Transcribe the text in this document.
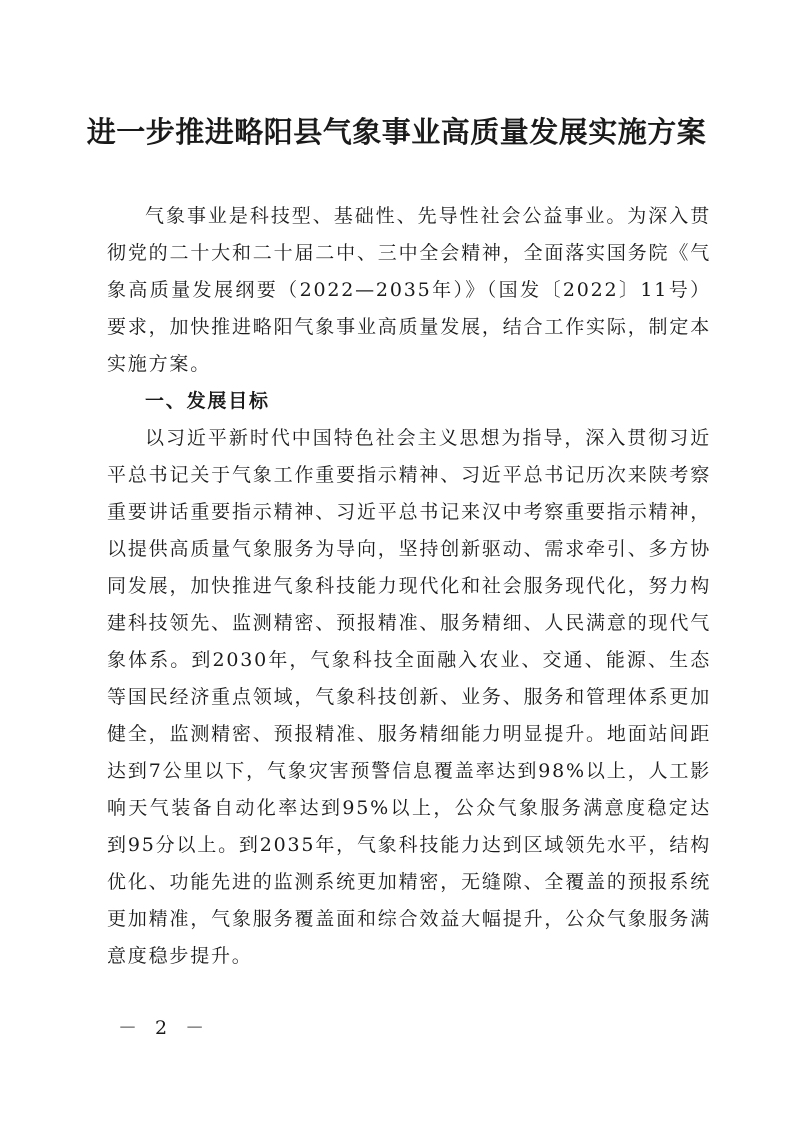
进一步推进略阳县气象事业高质量发展实施方案

气象事业是科技型、基础性、先导性社会公益事业。为深入贯彻党的二十大和二十届二中、三中全会精神，全面落实国务院《气象高质量发展纲要（2022—2035年）》（国发〔2022〕11号）要求，加快推进略阳气象事业高质量发展，结合工作实际，制定本实施方案。

一、发展目标

以习近平新时代中国特色社会主义思想为指导，深入贯彻习近平总书记关于气象工作重要指示精神、习近平总书记历次来陕考察重要讲话重要指示精神、习近平总书记来汉中考察重要指示精神，以提供高质量气象服务为导向，坚持创新驱动、需求牵引、多方协同发展，加快推进气象科技能力现代化和社会服务现代化，努力构建科技领先、监测精密、预报精准、服务精细、人民满意的现代气象体系。到2030年，气象科技全面融入农业、交通、能源、生态等国民经济重点领域，气象科技创新、业务、服务和管理体系更加健全，监测精密、预报精准、服务精细能力明显提升。地面站间距达到7公里以下，气象灾害预警信息覆盖率达到98%以上，人工影响天气装备自动化率达到95%以上，公众气象服务满意度稳定达到95分以上。到2035年，气象科技能力达到区域领先水平，结构优化、功能先进的监测系统更加精密，无缝隙、全覆盖的预报系统更加精准，气象服务覆盖面和综合效益大幅提升，公众气象服务满意度稳步提升。

－ 2 －
